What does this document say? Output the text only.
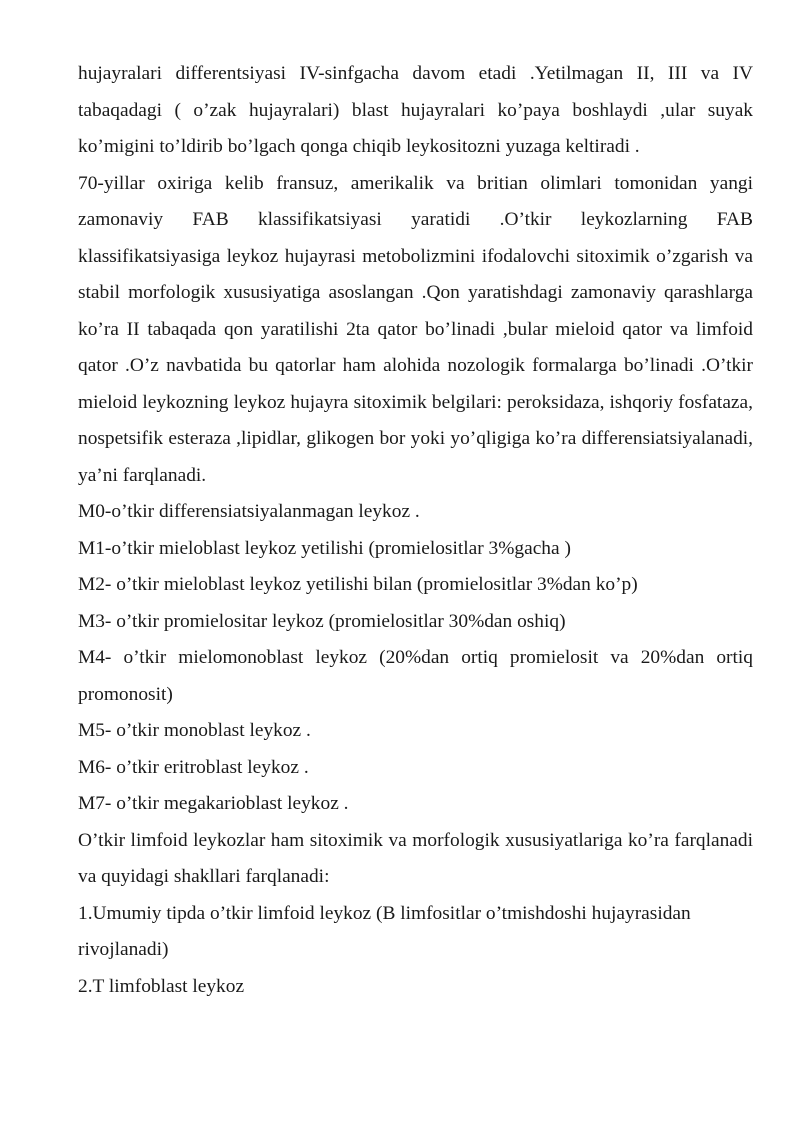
hujayralari differentsiyasi IV-sinfgacha davom etadi .Yetilmagan II, III va IV tabaqadagi ( o’zak hujayralari) blast hujayralari ko’paya boshlaydi ,ular suyak ko’migini to’ldirib bo’lgach qonga chiqib leykositozni yuzaga keltiradi .

70-yillar oxiriga kelib fransuz, amerikalik va britian olimlari tomonidan yangi zamonaviy FAB klassifikatsiyasi yaratidi .O’tkir leykozlarning FAB klassifikatsiyasiga leykoz hujayrasi metobolizmini ifodalovchi sitoximik o’zgarish va stabil morfologik xususiyatiga asoslangan .Qon yaratishdagi zamonaviy qarashlarga ko’ra II tabaqada qon yaratilishi 2ta qator bo’linadi ,bular mieloid qator va limfoid qator .O’z navbatida bu qatorlar ham alohida nozologik formalarga bo’linadi .O’tkir mieloid leykozning leykoz hujayra sitoximik belgilari: peroksidaza, ishqoriy fosfataza, nospetsifik esteraza ,lipidlar, glikogen bor yoki yo’qligiga ko’ra differensiatsiyalanadi, ya’ni farqlanadi.

M0-o’tkir differensiatsiyalanmagan leykoz .

M1-o’tkir mieloblast leykoz yetilishi (promielositlar 3%gacha )

M2- o’tkir mieloblast leykoz yetilishi bilan (promielositlar 3%dan ko’p)

M3- o’tkir promielositar leykoz (promielositlar 30%dan oshiq)

M4- o’tkir mielomonoblast leykoz (20%dan ortiq promielosit va 20%dan ortiq promonosit)

M5- o’tkir monoblast leykoz .

M6- o’tkir eritroblast leykoz .

M7- o’tkir megakarioblast leykoz .

O’tkir limfoid leykozlar ham sitoximik va morfologik xususiyatlariga ko’ra farqlanadi va quyidagi shakllari farqlanadi:

1.Umumiy tipda o’tkir limfoid leykoz (B limfositlar o’tmishdoshi hujayrasidan rivojlanadi)

2.T limfoblast leykoz
